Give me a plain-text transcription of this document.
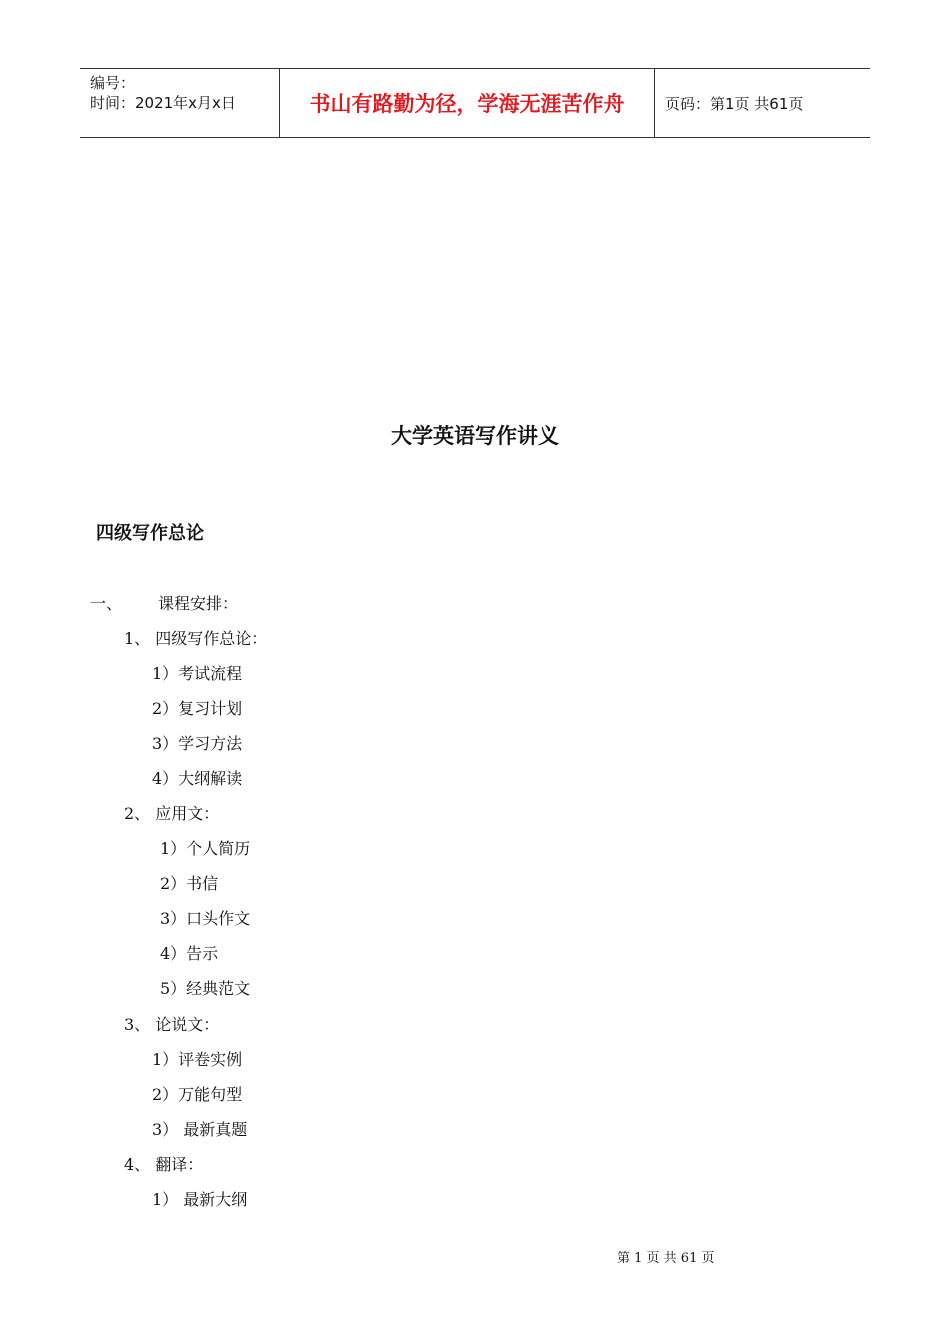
编号：
时间：2021年x月x日	书山有路勤为径，学海无涯苦作舟	页码：第1页 共61页
大学英语写作讲义
四级写作总论
一、 课程安排：
1、 四级写作总论：
1）考试流程
2）复习计划
3）学习方法
4）大纲解读
2、 应用文：
1）个人简历
2）书信
3）口头作文
4）告示
5）经典范文
3、 论说文：
1）评卷实例
2）万能句型
3） 最新真题
4、 翻译：
1） 最新大纲
第 1 页 共 61 页
